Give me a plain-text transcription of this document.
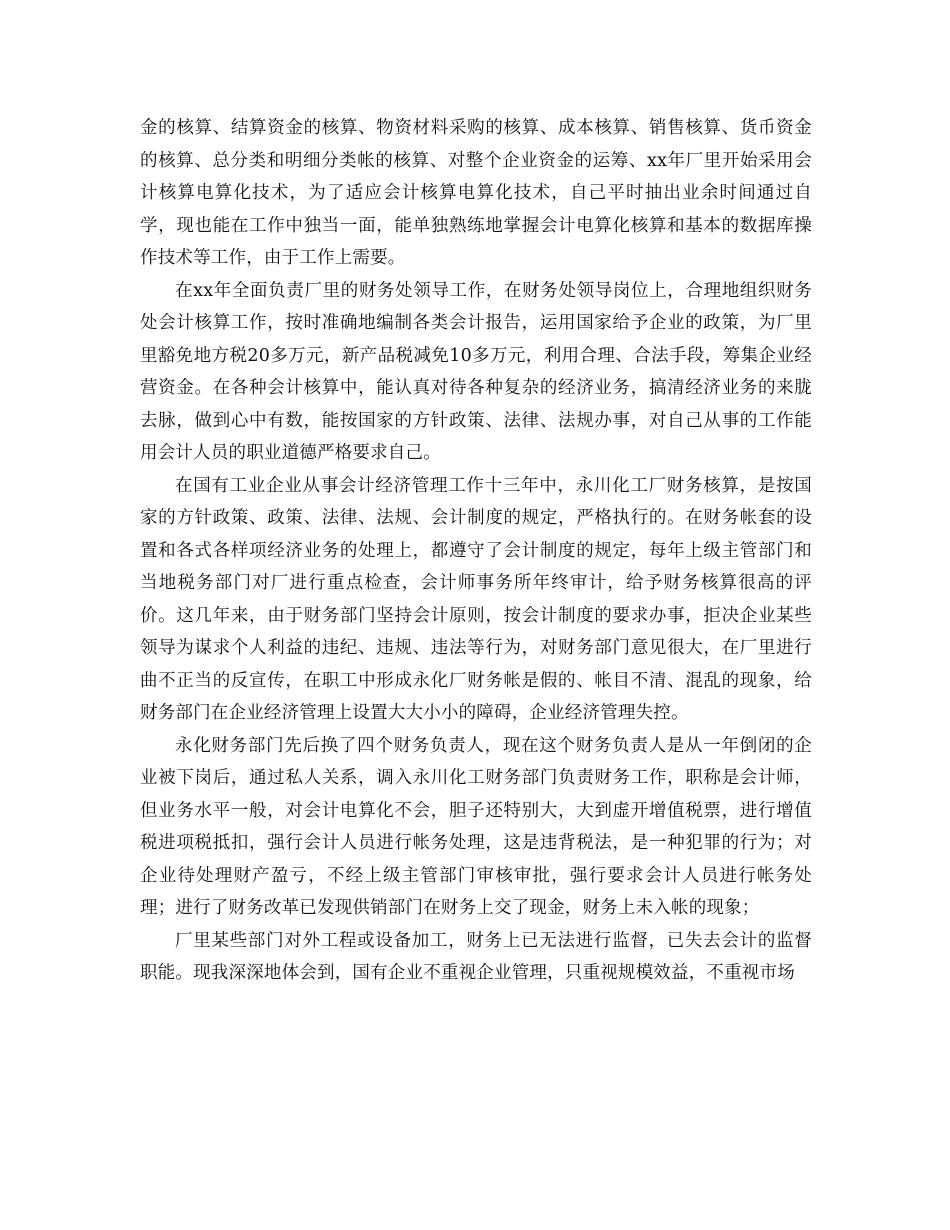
金的核算、结算资金的核算、物资材料采购的核算、成本核算、销售核算、货币资金的核算、总分类和明细分类帐的核算、对整个企业资金的运筹、xx年厂里开始采用会计核算电算化技术，为了适应会计核算电算化技术，自己平时抽出业余时间通过自学，现也能在工作中独当一面，能单独熟练地掌握会计电算化核算和基本的数据库操作技术等工作，由于工作上需要。

在xx年全面负责厂里的财务处领导工作，在财务处领导岗位上，合理地组织财务处会计核算工作，按时准确地编制各类会计报告，运用国家给予企业的政策，为厂里里豁免地方税20多万元，新产品税减免10多万元，利用合理、合法手段，筹集企业经营资金。在各种会计核算中，能认真对待各种复杂的经济业务，搞清经济业务的来胧去脉，做到心中有数，能按国家的方针政策、法律、法规办事，对自己从事的工作能用会计人员的职业道德严格要求自己。

在国有工业企业从事会计经济管理工作十三年中，永川化工厂财务核算，是按国家的方针政策、政策、法律、法规、会计制度的规定，严格执行的。在财务帐套的设置和各式各样项经济业务的处理上，都遵守了会计制度的规定，每年上级主管部门和当地税务部门对厂进行重点检查，会计师事务所年终审计，给予财务核算很高的评价。这几年来，由于财务部门坚持会计原则，按会计制度的要求办事，拒决企业某些领导为谋求个人利益的违纪、违规、违法等行为，对财务部门意见很大，在厂里进行曲不正当的反宣传，在职工中形成永化厂财务帐是假的、帐目不清、混乱的现象，给财务部门在企业经济管理上设置大大小小的障碍，企业经济管理失控。

永化财务部门先后换了四个财务负责人，现在这个财务负责人是从一年倒闭的企业被下岗后，通过私人关系，调入永川化工财务部门负责财务工作，职称是会计师，但业务水平一般，对会计电算化不会，胆子还特别大，大到虚开增值税票，进行增值税进项税抵扣，强行会计人员进行帐务处理，这是违背税法，是一种犯罪的行为；对企业待处理财产盈亏，不经上级主管部门审核审批，强行要求会计人员进行帐务处理；进行了财务改革已发现供销部门在财务上交了现金，财务上未入帐的现象；

厂里某些部门对外工程或设备加工，财务上已无法进行监督，已失去会计的监督职能。现我深深地体会到，国有企业不重视企业管理，只重视规模效益，不重视市场
